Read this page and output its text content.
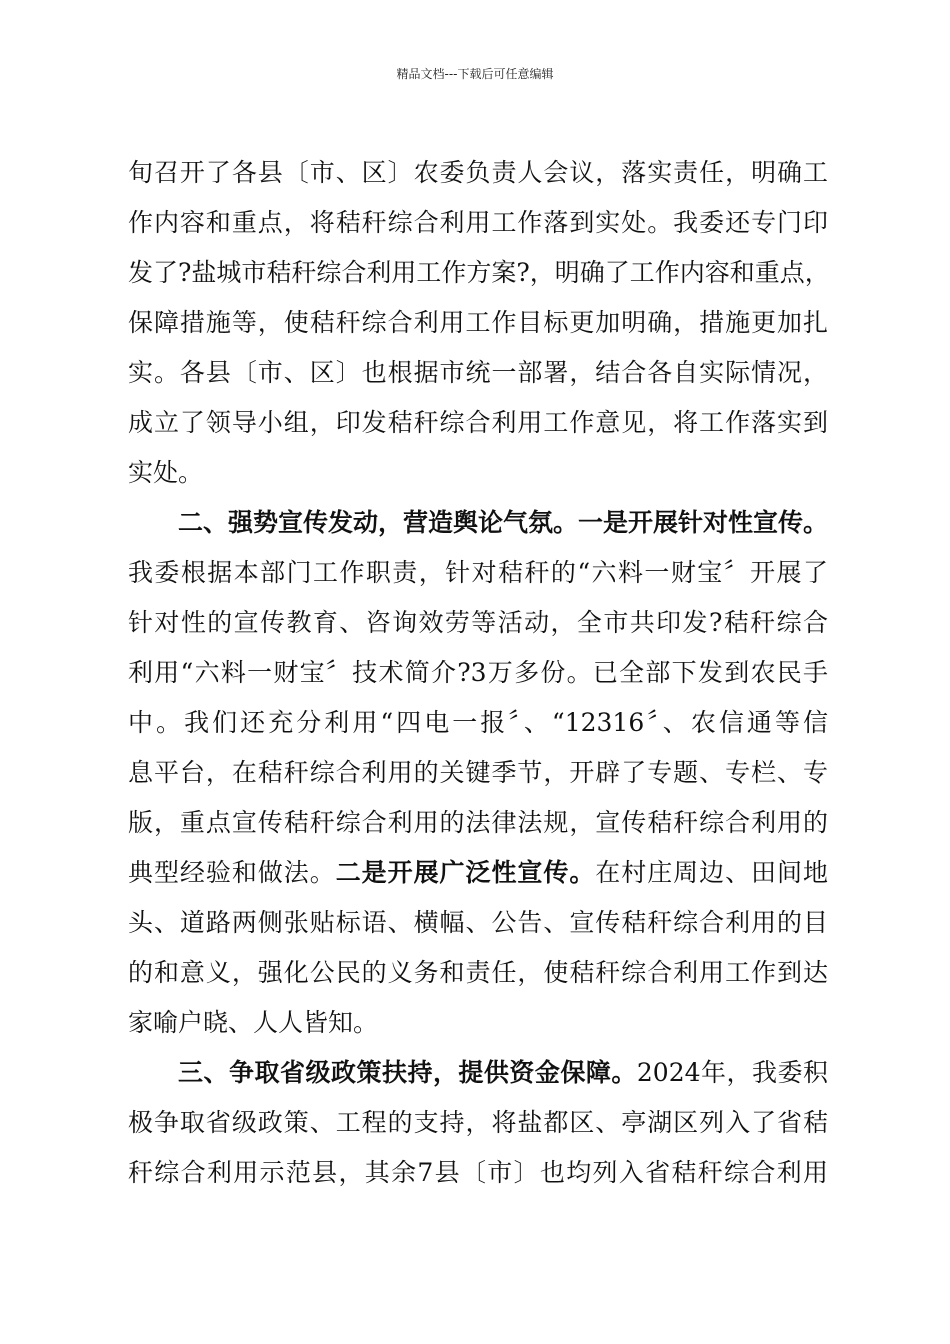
精品文档---下载后可任意编辑
旬召开了各县〔市、区〕农委负责人会议，落实责任，明确工
作内容和重点，将秸秆综合利用工作落到实处。我委还专门印
发了?盐城市秸秆综合利用工作方案?，明确了工作内容和重点，
保障措施等，使秸秆综合利用工作目标更加明确，措施更加扎
实。各县〔市、区〕也根据市统一部署，结合各自实际情况，
成立了领导小组，印发秸秆综合利用工作意见，将工作落实到
实处。
二、强势宣传发动，营造舆论气氛。一是开展针对性宣传。
我委根据本部门工作职责，针对秸秆的“六料一财宝〞开展了
针对性的宣传教育、咨询效劳等活动，全市共印发?秸秆综合
利用“六料一财宝〞技术简介?3万多份。已全部下发到农民手
中。我们还充分利用“四电一报〞、“12316〞、农信通等信
息平台，在秸秆综合利用的关键季节，开辟了专题、专栏、专
版，重点宣传秸秆综合利用的法律法规，宣传秸秆综合利用的
典型经验和做法。二是开展广泛性宣传。在村庄周边、田间地
头、道路两侧张贴标语、横幅、公告、宣传秸秆综合利用的目
的和意义，强化公民的义务和责任，使秸秆综合利用工作到达
家喻户晓、人人皆知。
三、争取省级政策扶持，提供资金保障。2024年，我委积
极争取省级政策、工程的支持，将盐都区、亭湖区列入了省秸
秆综合利用示范县，其余7县〔市〕也均列入省秸秆综合利用
